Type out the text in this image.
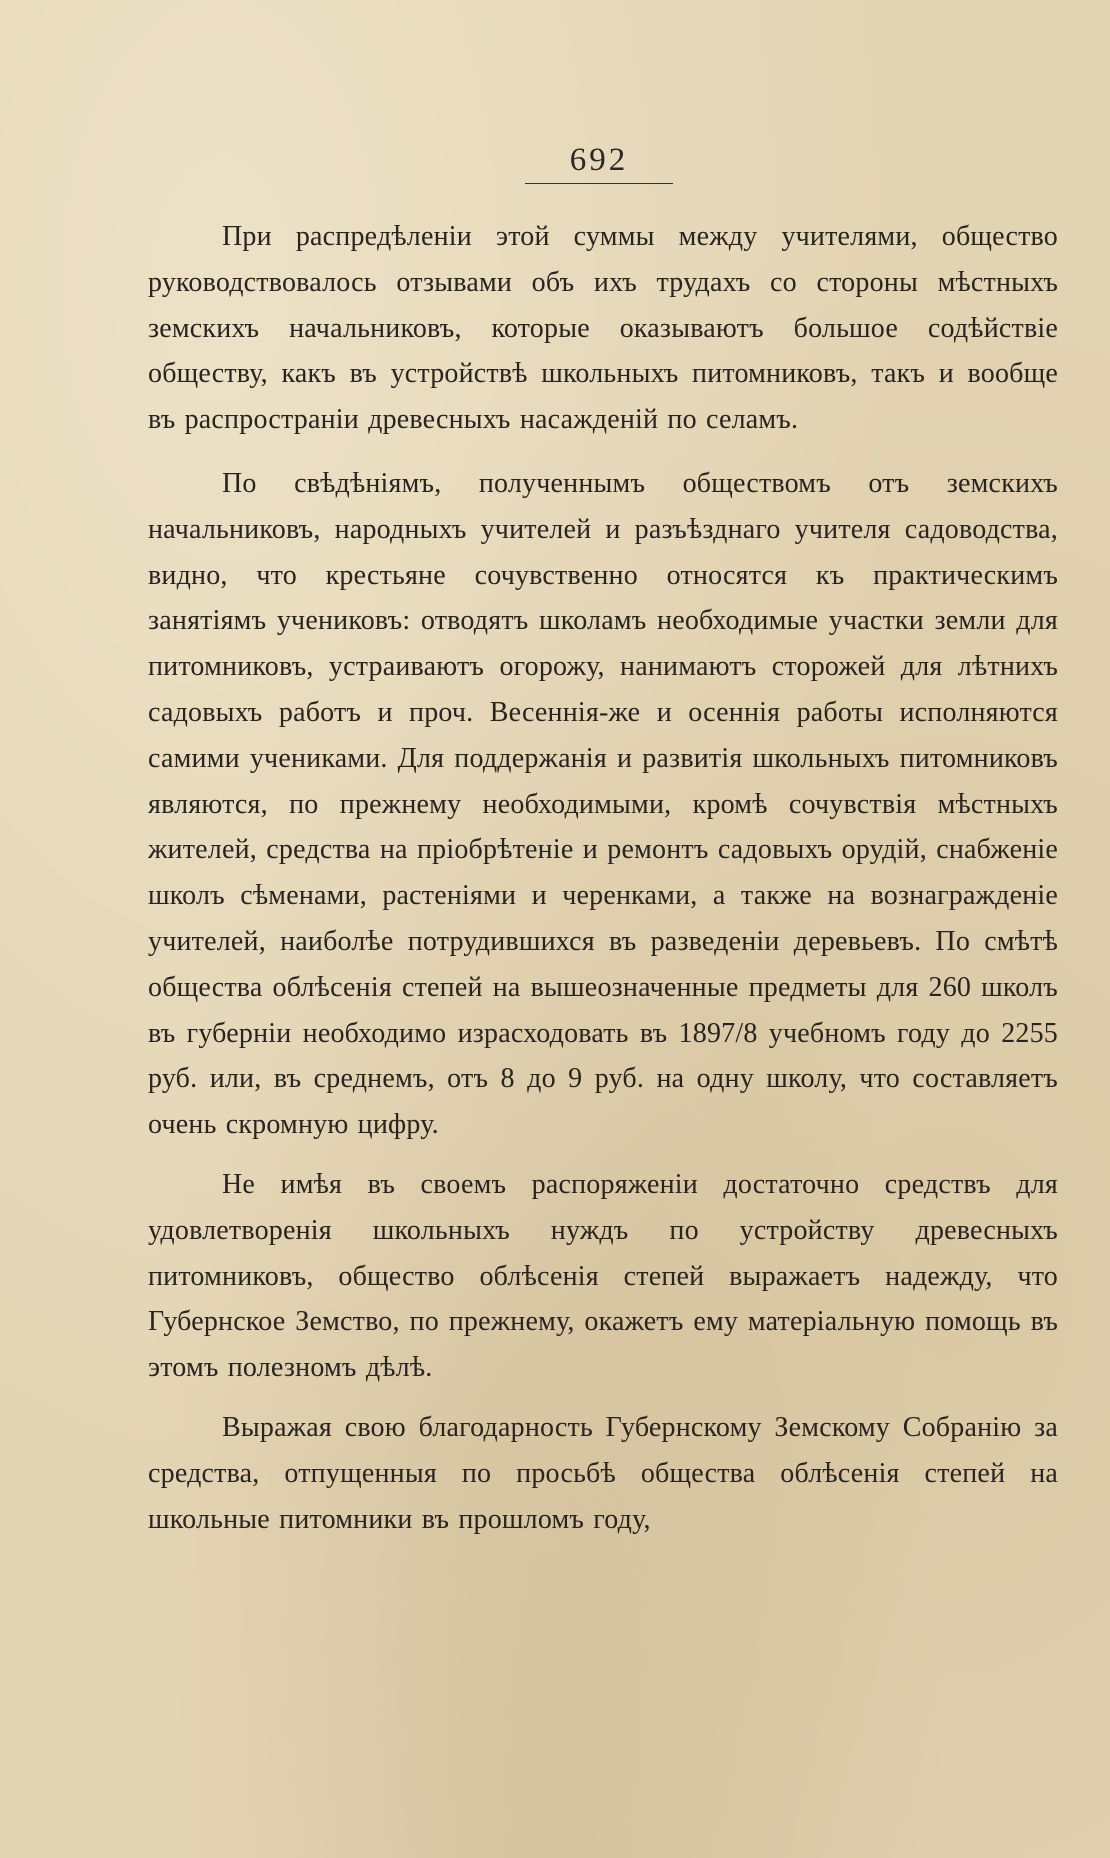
692

При распредѣленіи этой суммы между учителями, общество руководствовалось отзывами объ ихъ трудахъ со стороны мѣстныхъ земскихъ начальниковъ, которые оказываютъ большое содѣйствіе обществу, какъ въ устройствѣ школьныхъ питомниковъ, такъ и вообще въ распространіи древесныхъ насажденій по селамъ.

По свѣдѣніямъ, полученнымъ обществомъ отъ земскихъ начальниковъ, народныхъ учителей и разъѣзднаго учителя садоводства, видно, что крестьяне сочувственно относятся къ практическимъ занятіямъ учениковъ: отводятъ школамъ необходимые участки земли для питомниковъ, устраиваютъ огорожу, нанимаютъ сторожей для лѣтнихъ садовыхъ работъ и проч. Весеннія-же и осеннія работы исполняются самими учениками. Для поддержанія и развитія школьныхъ питомниковъ являются, по прежнему необходимыми, кромѣ сочувствія мѣстныхъ жителей, средства на пріобрѣтеніе и ремонтъ садовыхъ орудій, снабженіе школъ сѣменами, растеніями и черенками, а также на вознагражденіе учителей, наиболѣе потрудившихся въ разведеніи деревьевъ. По смѣтѣ общества облѣсенія степей на вышеозначенные предметы для 260 школъ въ губерніи необходимо израсходовать въ 1897/8 учебномъ году до 2255 руб. или, въ среднемъ, отъ 8 до 9 руб. на одну школу, что составляетъ очень скромную цифру.

Не имѣя въ своемъ распоряженіи достаточно средствъ для удовлетворенія школьныхъ нуждъ по устройству древесныхъ питомниковъ, общество облѣсенія степей выражаетъ надежду, что Губернское Земство, по прежнему, окажетъ ему матеріальную помощь въ этомъ полезномъ дѣлѣ.

Выражая свою благодарность Губернскому Земскому Собранію за средства, отпущенныя по просьбѣ общества облѣсенія степей на школьные питомники въ прошломъ году,
